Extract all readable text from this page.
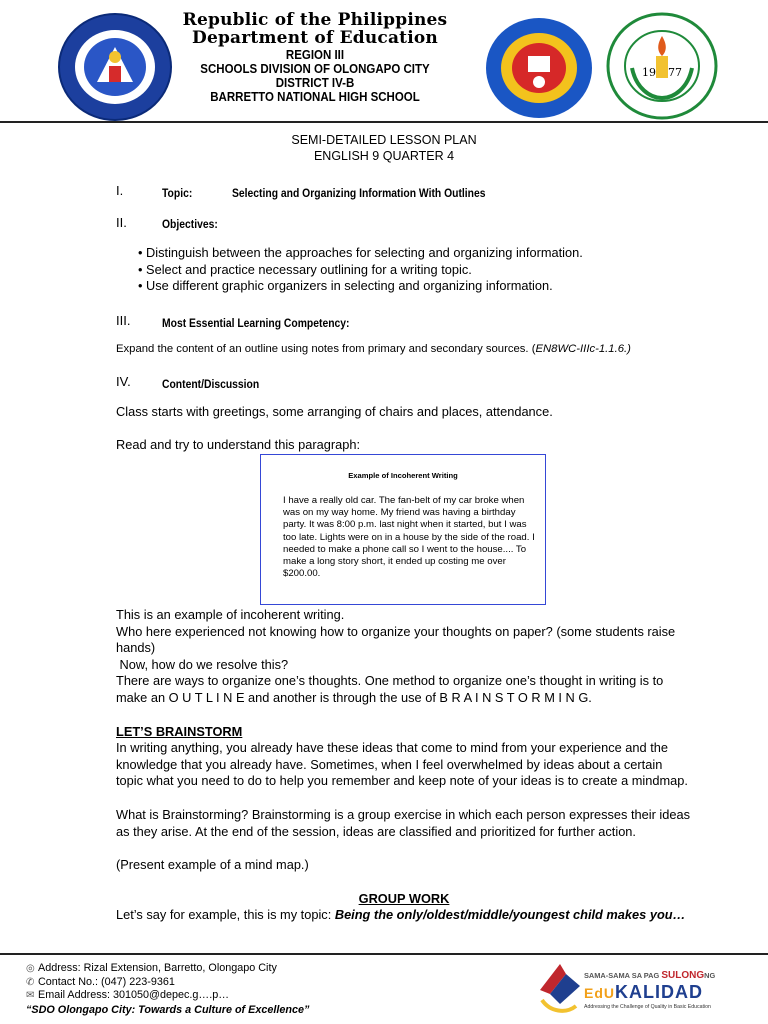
Republic of the Philippines
Department of Education
REGION III
SCHOOLS DIVISION OF OLONGAPO CITY
DISTRICT IV-B
BARRETTO NATIONAL HIGH SCHOOL
19 77
SEMI-DETAILED LESSON PLAN
ENGLISH 9 QUARTER 4
I.	Topic:	Selecting and Organizing Information With Outlines
II.	Objectives:
• Distinguish between the approaches for selecting and organizing information.
• Select and practice necessary outlining for a writing topic.
• Use different graphic organizers in selecting and organizing information.
III.	Most Essential Learning Competency:
Expand the content of an outline using notes from primary and secondary sources. (EN8WC-IIIc-1.1.6.)
IV.	Content/Discussion
Class starts with greetings, some arranging of chairs and places, attendance.
Read and try to understand this paragraph:
Example of Incoherent Writing
I have a really old car. The fan-belt of my car broke when was on my way home. My friend was having a birthday party. It was 8:00 p.m. last night when it started, but I was too late. Lights were on in a house by the side of the road. I needed to make a phone call so I went to the house.... To make a long story short, it ended up costing me over $200.00.
This is an example of incoherent writing.
Who here experienced not knowing how to organize your thoughts on paper? (some students raise hands)
Now, how do we resolve this?
There are ways to organize one’s thoughts. One method to organize one’s thought in writing is to make an O U T L I N E and another is through the use of B R A I N S T O R M I N G.
LET’S BRAINSTORM
In writing anything, you already have these ideas that come to mind from your experience and the knowledge that you already have. Sometimes, when I feel overwhelmed by ideas about a certain topic what you need to do to help you remember and keep note of your ideas is to create a mindmap.
What is Brainstorming? Brainstorming is a group exercise in which each person expresses their ideas as they arise. At the end of the session, ideas are classified and prioritized for further action.
(Present example of a mind map.)
GROUP WORK
Let’s say for example, this is my topic: Being the only/oldest/middle/youngest child makes you…
◎ Address: Rizal Extension, Barretto, Olongapo City
✆ Contact No.: (047) 223-9361
✉ Email Address: 301050@depec.g….p…
“SDO Olongapo City: Towards a Culture of Excellence”
SAMA-SAMA SA PAG SULONGNG
EdUKALIDAD
Addressing the Challenge of Quality in Basic Education
